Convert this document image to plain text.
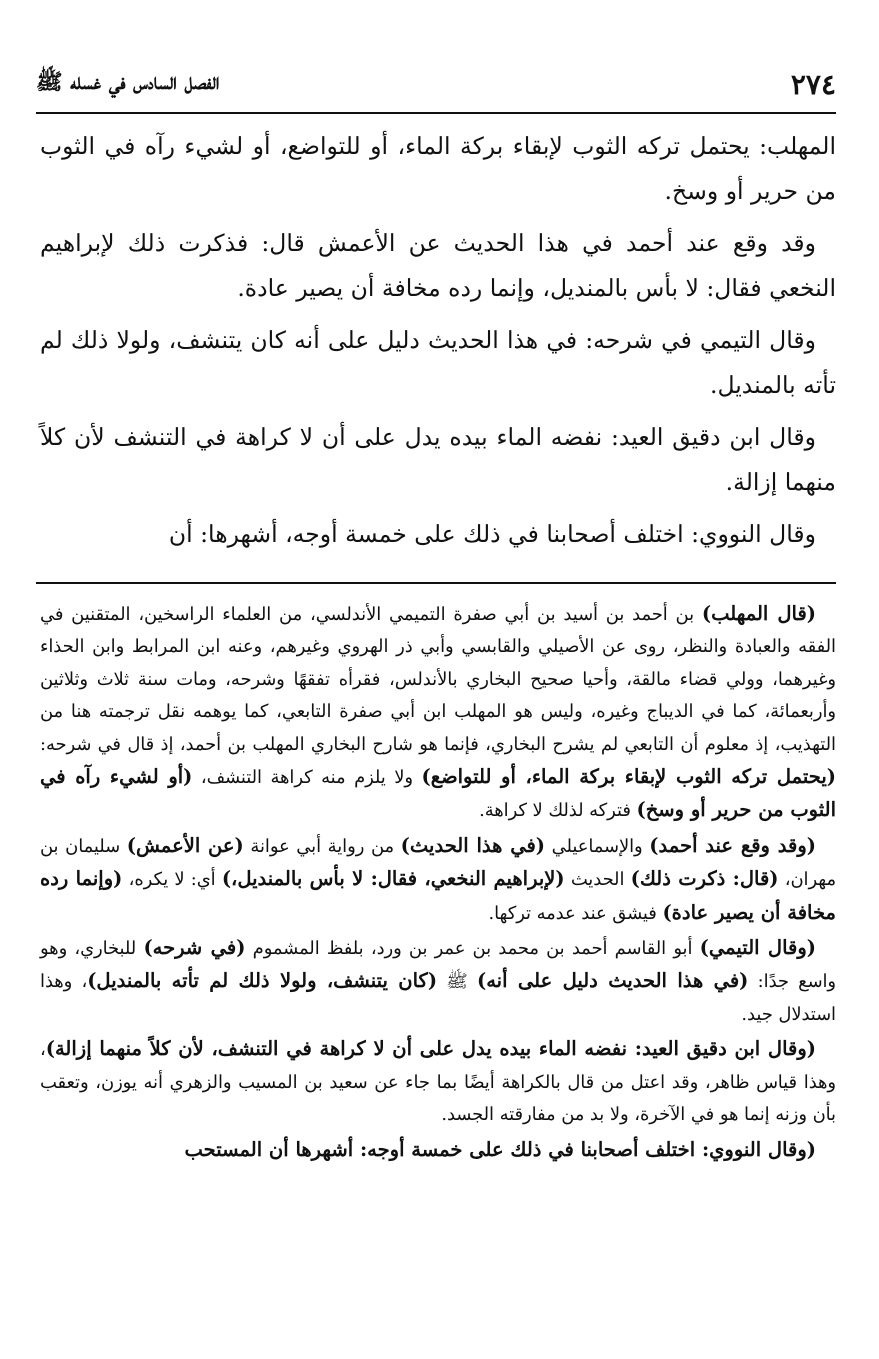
٢٧٤
الفصل السادس في غسله ﷺ

المهلب: يحتمل تركه الثوب لإبقاء بركة الماء، أو للتواضع، أو لشيء رآه في الثوب من حرير أو وسخ.

وقد وقع عند أحمد في هذا الحديث عن الأعمش قال: فذكرت ذلك لإبراهيم النخعي فقال: لا بأس بالمنديل، وإنما رده مخافة أن يصير عادة.

وقال التيمي في شرحه: في هذا الحديث دليل على أنه كان يتنشف، ولولا ذلك لم تأته بالمنديل.

وقال ابن دقيق العيد: نفضه الماء بيده يدل على أن لا كراهة في التنشف لأن كلاً منهما إزالة.

وقال النووي: اختلف أصحابنا في ذلك على خمسة أوجه، أشهرها: أن

(قال المهلب) بن أحمد بن أسيد بن أبي صفرة التميمي الأندلسي، من العلماء الراسخين، المتقنين في الفقه والعبادة والنظر، روى عن الأصيلي والقابسي وأبي ذر الهروي وغيرهم، وعنه ابن المرابط وابن الحذاء وغيرهما، وولي قضاء مالقة، وأحيا صحيح البخاري بالأندلس، فقرأه تفقهًا وشرحه، ومات سنة ثلاث وثلاثين وأربعمائة، كما في الديباج وغيره، وليس هو المهلب ابن أبي صفرة التابعي، كما يوهمه نقل ترجمته هنا من التهذيب، إذ معلوم أن التابعي لم يشرح البخاري، فإنما هو شارح البخاري المهلب بن أحمد، إذ قال في شرحه: (يحتمل تركه الثوب لإبقاء بركة الماء، أو للتواضع) ولا يلزم منه كراهة التنشف، (أو لشيء رآه في الثوب من حرير أو وسخ) فتركه لذلك لا كراهة.

(وقد وقع عند أحمد) والإسماعيلي (في هذا الحديث) من رواية أبي عوانة (عن الأعمش) سليمان بن مهران، (قال: ذكرت ذلك) الحديث (لإبراهيم النخعي، فقال: لا بأس بالمنديل،) أي: لا يكره، (وإنما رده مخافة أن يصير عادة) فيشق عند عدمه تركها.

(وقال التيمي) أبو القاسم أحمد بن محمد بن عمر بن ورد، بلفظ المشموم (في شرحه) للبخاري، وهو واسع جدًا: (في هذا الحديث دليل على أنه) ﷺ (كان يتنشف، ولولا ذلك لم تأته بالمنديل)، وهذا استدلال جيد.

(وقال ابن دقيق العيد: نفضه الماء بيده يدل على أن لا كراهة في التنشف، لأن كلاً منهما إزالة)، وهذا قياس ظاهر، وقد اعتل من قال بالكراهة أيضًا بما جاء عن سعيد بن المسيب والزهري أنه يوزن، وتعقب بأن وزنه إنما هو في الآخرة، ولا بد من مفارقته الجسد.

(وقال النووي: اختلف أصحابنا في ذلك على خمسة أوجه: أشهرها أن المستحب
